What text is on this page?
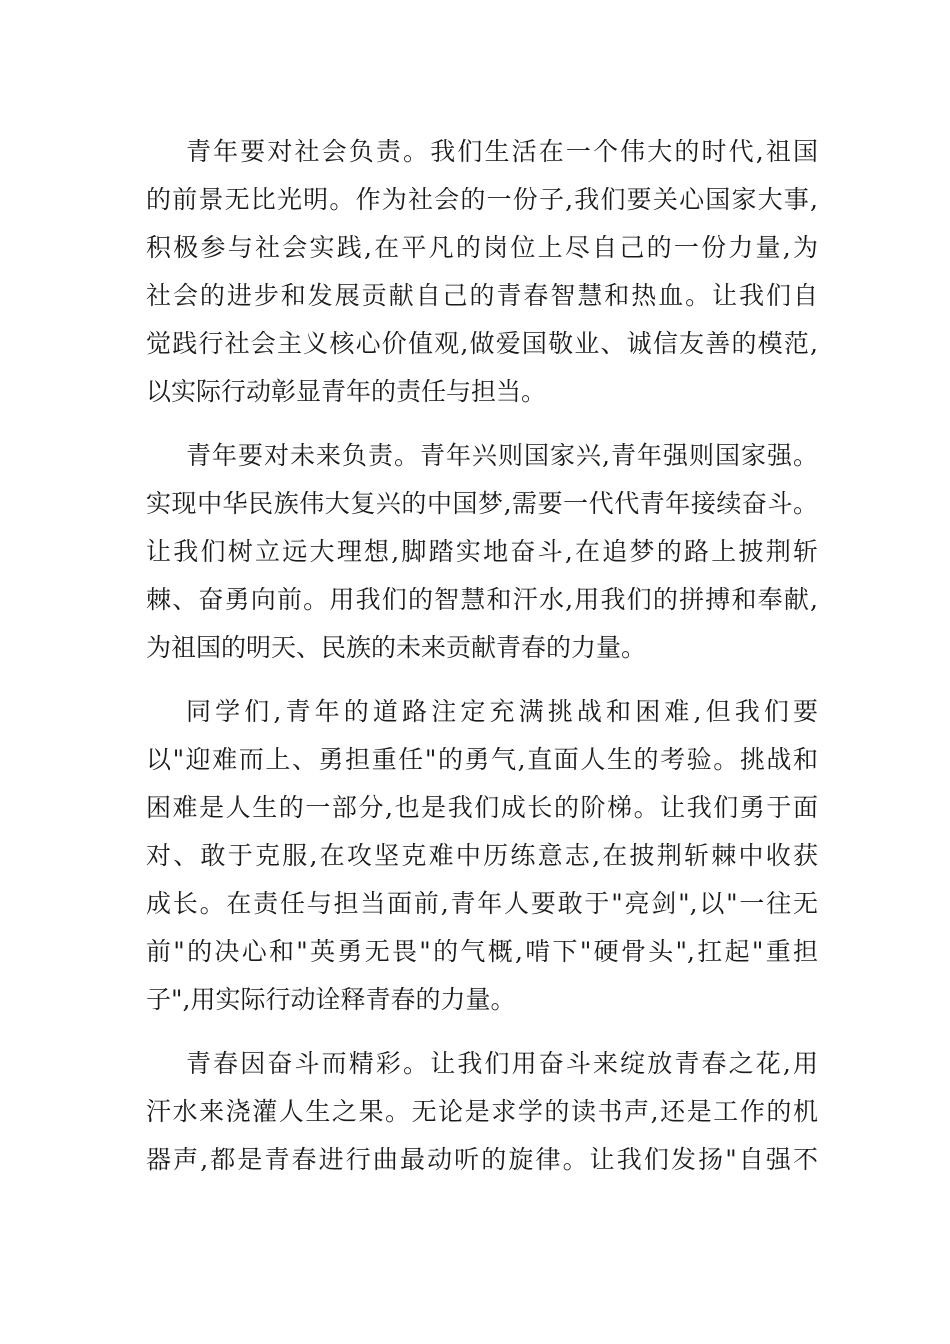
青年要对社会负责。我们生活在一个伟大的时代,祖国
的前景无比光明。作为社会的一份子,我们要关心国家大事,
积极参与社会实践,在平凡的岗位上尽自己的一份力量,为
社会的进步和发展贡献自己的青春智慧和热血。让我们自
觉践行社会主义核心价值观,做爱国敬业、诚信友善的模范,
以实际行动彰显青年的责任与担当。
青年要对未来负责。青年兴则国家兴,青年强则国家强。
实现中华民族伟大复兴的中国梦,需要一代代青年接续奋斗。
让我们树立远大理想,脚踏实地奋斗,在追梦的路上披荆斩
棘、奋勇向前。用我们的智慧和汗水,用我们的拼搏和奉献,
为祖国的明天、民族的未来贡献青春的力量。
同学们,青年的道路注定充满挑战和困难,但我们要
以"迎难而上、勇担重任"的勇气,直面人生的考验。挑战和
困难是人生的一部分,也是我们成长的阶梯。让我们勇于面
对、敢于克服,在攻坚克难中历练意志,在披荆斩棘中收获
成长。在责任与担当面前,青年人要敢于"亮剑",以"一往无
前"的决心和"英勇无畏"的气概,啃下"硬骨头",扛起"重担
子",用实际行动诠释青春的力量。
青春因奋斗而精彩。让我们用奋斗来绽放青春之花,用
汗水来浇灌人生之果。无论是求学的读书声,还是工作的机
器声,都是青春进行曲最动听的旋律。让我们发扬"自强不
